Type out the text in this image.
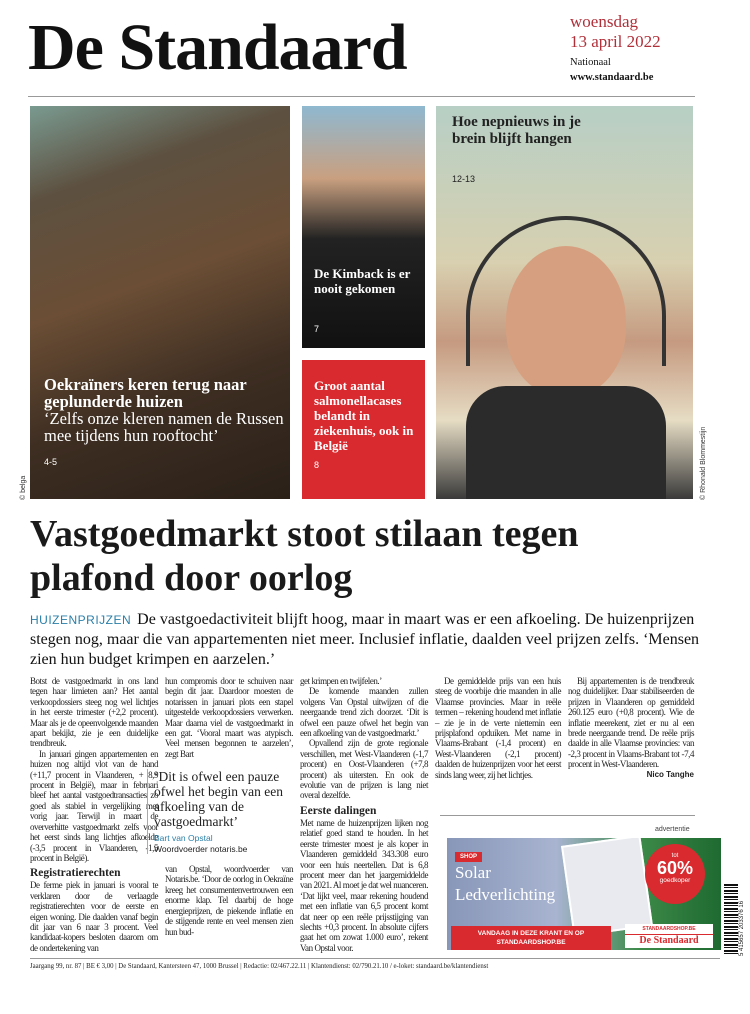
De Standaard	woensdag
13 april 2022
Nationaal
www.standaard.be
Oekraïners keren terug naar geplunderde huizen
‘Zelfs onze kleren namen de Russen mee tijdens hun rooftocht’
4-5
© belga
De Kimback is er nooit gekomen
7
Groot aantal salmonellacases belandt in ziekenhuis, ook in België
8
Hoe nepnieuws in je brein blijft hangen
12-13
© Rhonald Blommestijn
Vastgoedmarkt stoot stilaan tegen plafond door oorlog
HUIZENPRIJZEN De vastgoedactiviteit blijft hoog, maar in maart was er een afkoeling. De huizenprijzen stegen nog, maar die van appartementen niet meer. Inclusief inflatie, daalden veel prijzen zelfs. ‘Mensen zien hun budget krimpen en aarzelen.’

Botst de vastgoedmarkt in ons land tegen haar limieten aan? Het aantal verkoopdossiers steeg nog wel lichtjes in het eerste trimester (+2,2 procent). Maar als je de opeenvolgende maanden apart bekijkt, zie je een duidelijke trendbreuk.

In januari gingen appartementen en huizen nog altijd vlot van de hand (+11,7 procent in Vlaanderen, + 8,9 procent in België), maar in februari bleef het aantal vastgoedtransacties zo goed als stabiel in vergelijking met vorig jaar. Terwijl in maart de oververhitte vastgoedmarkt zelfs voor het eerst sinds lang lichtjes afkoelde (-3,5 procent in Vlaanderen, -1,5 procent in België).

Registratierechten

De ferme piek in januari is vooral te verklaren door de verlaagde registratierechten voor de eerste en eigen woning. Die daalden vanaf begin dit jaar van 6 naar 3 procent. Veel kandidaat-kopers besloten daarom om de ondertekening van

hun compromis door te schuiven naar begin dit jaar. Daardoor moesten de notarissen in januari plots een stapel uitgestelde verkoopdossiers verwerken. Maar daarna viel de vastgoedmarkt in een gat. ‘Vooral maart was atypisch. Veel mensen begonnen te aarzelen’, zegt Bart

‘Dit is ofwel een pauze ofwel het begin van een afkoeling van de vastgoedmarkt’
Bart van Opstal
Woordvoerder notaris.be

van Opstal, woordvoerder van Notaris.be. ‘Door de oorlog in Oekraïne kreeg het consumentenvertrouwen een enorme klap. Tel daarbij de hoge energieprijzen, de piekende inflatie en de stijgende rente en veel mensen zien hun bud-

get krimpen en twijfelen.’

De komende maanden zullen volgens Van Opstal uitwijzen of die neergaande trend zich doorzet. ‘Dit is ofwel een pauze ofwel het begin van een afkoeling van de vastgoedmarkt.’

Opvallend zijn de grote regionale verschillen, met West-Vlaanderen (-1,7 procent) en Oost-Vlaanderen (+7,8 procent) als uitersten. En ook de evolutie van de prijzen is lang niet overal dezelfde.

Eerste dalingen

Met name de huizenprijzen lijken nog relatief goed stand te houden. In het eerste trimester moest je als koper in Vlaanderen gemiddeld 343.308 euro voor een huis neertellen. Dat is 6,8 procent meer dan het jaargemiddelde van 2021. Al moet je dat wel nuanceren. ‘Dat lijkt veel, maar rekening houdend met een inflatie van 6,5 procent komt dat neer op een reële prijsstijging van slechts +0,3 procent. In absolute cijfers gaat het om zowat 1.000 euro’, rekent Van Opstal voor.

De gemiddelde prijs van een huis steeg de voorbije drie maanden in alle Vlaamse provincies. Maar in reële termen – rekening houdend met inflatie – zie je in de verte niettemin een prijsplafond opduiken. Met name in Vlaams-Brabant (-1,4 procent) en West-Vlaanderen (-2,1 procent) daalden de huizenprijzen voor het eerst sinds lang weer, zij het lichtjes.

Bij appartementen is de trendbreuk nog duidelijker. Daar stabiliseerden de prijzen in Vlaanderen op gemiddeld 260.125 euro (+0,8 procent). Wie de inflatie meerekent, ziet er nu al een brede neergaande trend. De reële prijs daalde in alle Vlaamse provincies: van -2,3 procent in Vlaams-Brabant tot -7,4 procent in West-Vlaanderen.

Nico Tanghe
advertentie
SHOP
Solar
Ledverlichting
tot
60%
goedkoper
VANDAAG IN DEZE KRANT EN OP STANDAARDSHOP.BE
STANDAARDSHOP.BE
De Standaard	5 415657 203376 16
Jaargang 99, nr. 87 | BE € 3,00 | De Standaard, Kantersteen 47, 1000 Brussel | Redactie: 02/467.22.11 | Klantendienst: 02/790.21.10 / e-loket: standaard.be/klantendienst
